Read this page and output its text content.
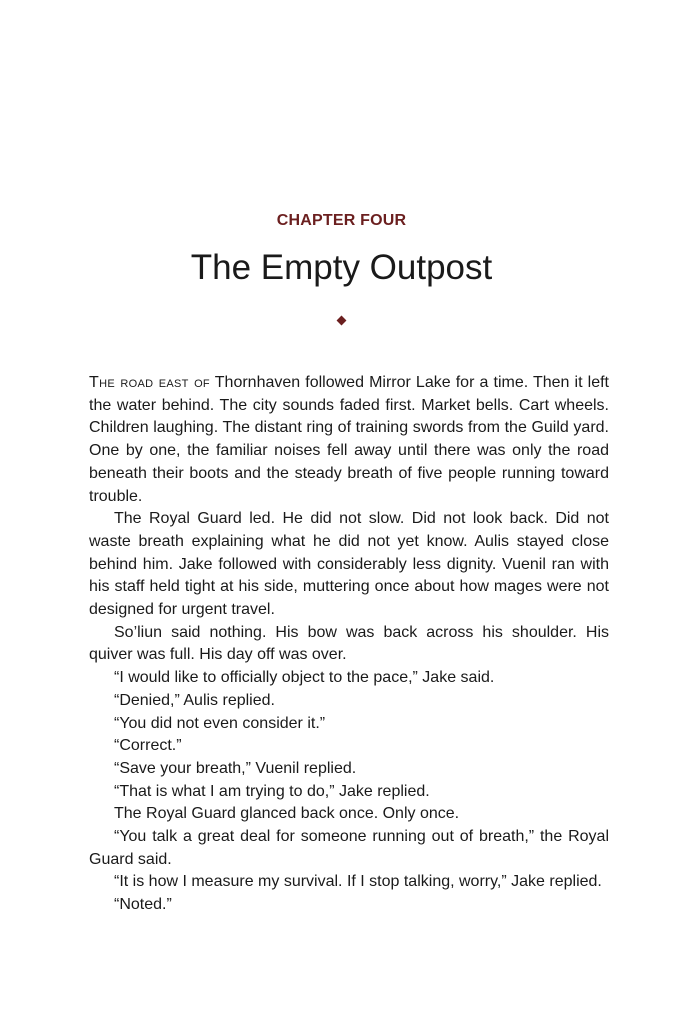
CHAPTER FOUR
The Empty Outpost

The road east of Thornhaven followed Mirror Lake for a time. Then it left the water behind. The city sounds faded first. Market bells. Cart wheels. Children laughing. The distant ring of training swords from the Guild yard. One by one, the familiar noises fell away until there was only the road beneath their boots and the steady breath of five people running toward trouble.

The Royal Guard led. He did not slow. Did not look back. Did not waste breath explaining what he did not yet know. Aulis stayed close behind him. Jake followed with considerably less dignity. Vuenil ran with his staff held tight at his side, muttering once about how mages were not designed for urgent travel.

So’liun said nothing. His bow was back across his shoulder. His quiver was full. His day off was over.

“I would like to officially object to the pace,” Jake said.

“Denied,” Aulis replied.

“You did not even consider it.”

“Correct.”

“Save your breath,” Vuenil replied.

“That is what I am trying to do,” Jake replied.

The Royal Guard glanced back once. Only once.

“You talk a great deal for someone running out of breath,” the Royal Guard said.

“It is how I measure my survival. If I stop talking, worry,” Jake replied.

“Noted.”
